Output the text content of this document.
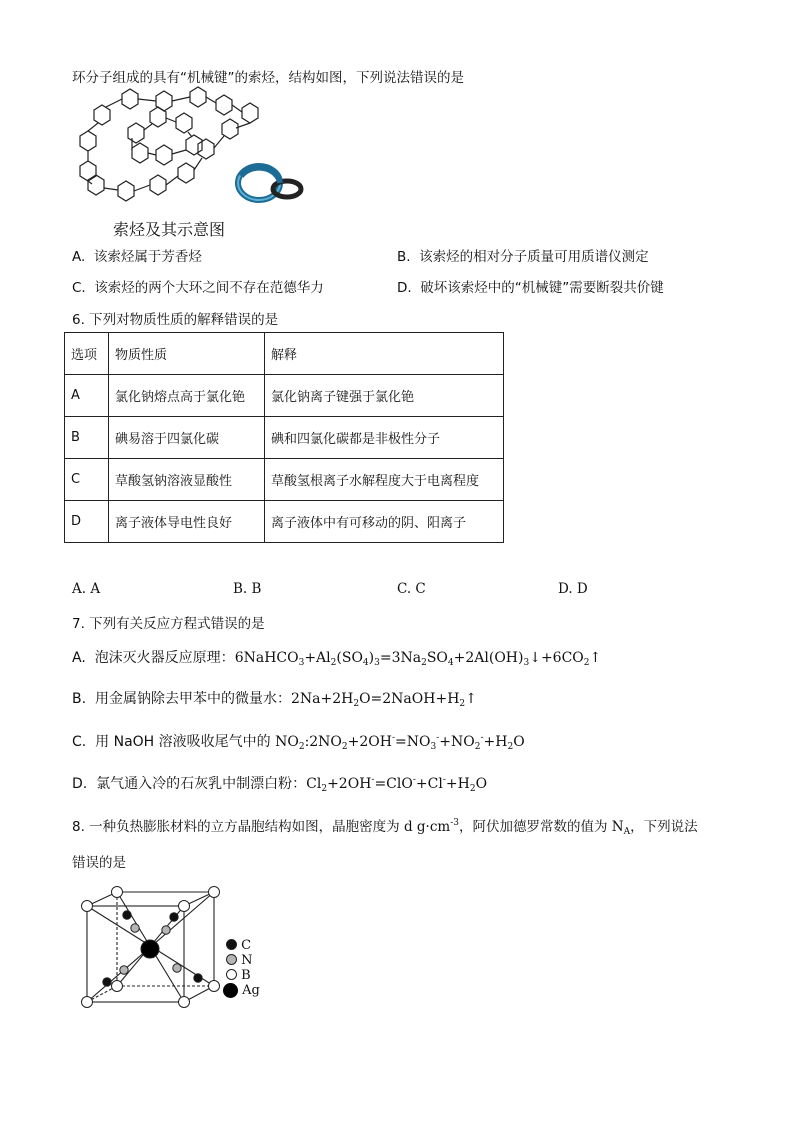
环分子组成的具有“机械键”的索烃，结构如图，下列说法错误的是
索烃及其示意图
A. 该索烃属于芳香烃	B. 该索烃的相对分子质量可用质谱仪测定
C. 该索烃的两个大环之间不存在范德华力	D. 破坏该索烃中的“机械键”需要断裂共价键
6. 下列对物质性质的解释错误的是
选项	物质性质	解释
A	氯化钠熔点高于氯化铯	氯化钠离子键强于氯化铯
B	碘易溶于四氯化碳	碘和四氯化碳都是非极性分子
C	草酸氢钠溶液显酸性	草酸氢根离子水解程度大于电离程度
D	离子液体导电性良好	离子液体中有可移动的阴、阳离子
A. A	B. B	C. C	D. D
7. 下列有关反应方程式错误的是
A. 泡沫灭火器反应原理：$6NaHCO_3+Al_2(SO_4)_3=3Na_2SO_4+2Al(OH)_3↓+6CO_2↑$
B. 用金属钠除去甲苯中的微量水：$2Na+2H_2O=2NaOH+H_2↑$
C. 用 NaOH 溶液吸收尾气中的 $NO_2:2NO_2+2OH^-=NO_3^-+NO_2^-+H_2O$
D. 氯气通入冷的石灰乳中制漂白粉：$Cl_2+2OH^-=ClO^-+Cl^-+H_2O$
8. 一种负热膨胀材料的立方晶胞结构如图，晶胞密度为 d $g\cdot cm^{-3}$，阿伏加德罗常数的值为 $N_A$，下列说法
错误的是
C
N
B
Ag
